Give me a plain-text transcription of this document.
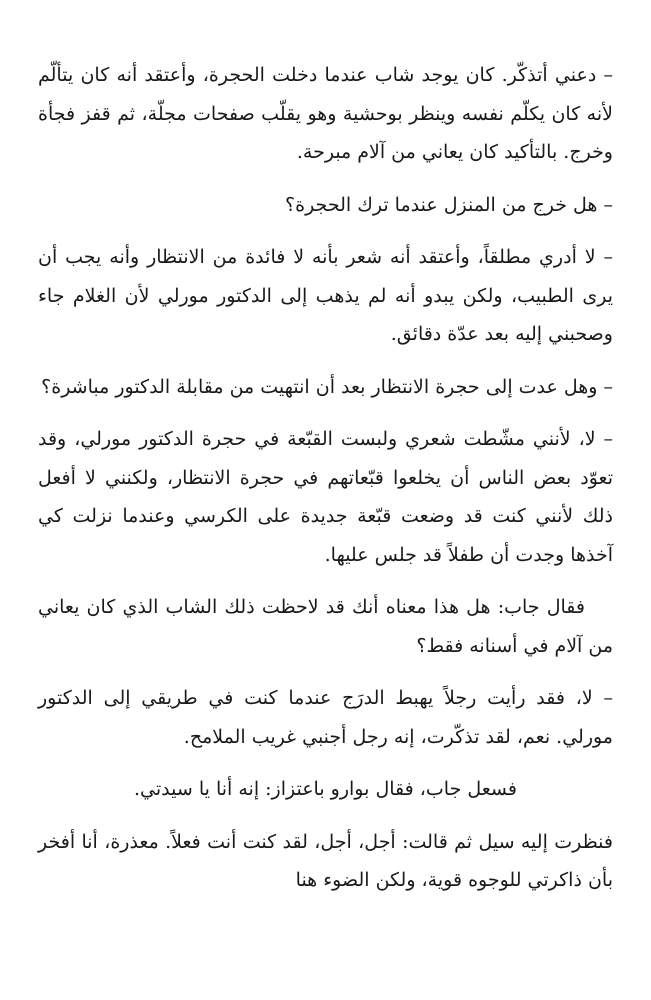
– دعني أتذكّر. كان يوجد شاب عندما دخلت الحجرة، وأعتقد أنه كان يتألّم لأنه كان يكلّم نفسه وينظر بوحشية وهو يقلّب صفحات مجلّة، ثم قفز فجأة وخرج. بالتأكيد كان يعاني من آلام مبرحة.

– هل خرج من المنزل عندما ترك الحجرة؟

– لا أدري مطلقاً، وأعتقد أنه شعر بأنه لا فائدة من الانتظار وأنه يجب أن يرى الطبيب، ولكن يبدو أنه لم يذهب إلى الدكتور مورلي لأن الغلام جاء وصحبني إليه بعد عدّة دقائق.

– وهل عدت إلى حجرة الانتظار بعد أن انتهيت من مقابلة الدكتور مباشرة؟

– لا، لأنني مشّطت شعري ولبست القبّعة في حجرة الدكتور مورلي، وقد تعوّد بعض الناس أن يخلعوا قبّعاتهم في حجرة الانتظار، ولكنني لا أفعل ذلك لأنني كنت قد وضعت قبّعة جديدة على الكرسي وعندما نزلت كي آخذها وجدت أن طفلاً قد جلس عليها.

فقال جاب: هل هذا معناه أنك قد لاحظت ذلك الشاب الذي كان يعاني من آلام في أسنانه فقط؟

– لا، فقد رأيت رجلاً يهبط الدرَج عندما كنت في طريقي إلى الدكتور مورلي. نعم، لقد تذكّرت، إنه رجل أجنبي غريب الملامح.

فسعل جاب، فقال بوارو باعتزاز: إنه أنا يا سيدتي.

فنظرت إليه سيل ثم قالت: أجل، أجل، لقد كنت أنت فعلاً. معذرة، أنا أفخر بأن ذاكرتي للوجوه قوية، ولكن الضوء هنا
